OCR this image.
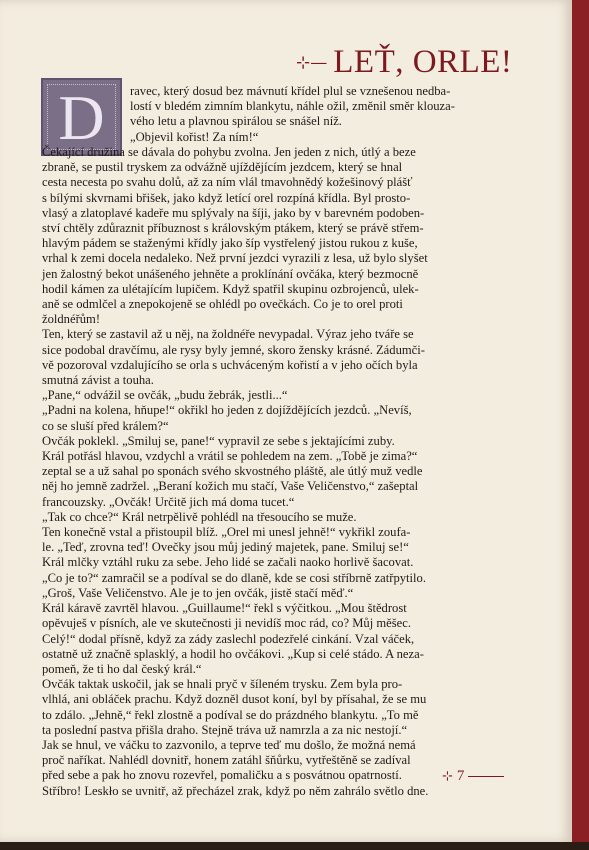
⊹— LEŤ, ORLE!
D	ravec, který dosud bez mávnutí křídel plul se vznešenou nedba-

lostí v bledém zimním blankytu, náhle ožil, změnil směr klouza-

vého letu a plavnou spirálou se snášel níž.

„Objevil kořist! Za ním!“

Čekající družina se dávala do pohybu zvolna. Jen jeden z nich, útlý a beze

zbraně, se pustil tryskem za odvážně ujíždějícím jezdcem, který se hnal

cesta necesta po svahu dolů, až za ním vlál tmavohnědý kožešinový plášť

s bílými skvrnami břišek, jako když letící orel rozpíná křídla. Byl prosto-

vlasý a zlatoplavé kadeře mu splývaly na šíji, jako by v barevném podoben-

ství chtěly zdůraznit příbuznost s královským ptákem, který se právě střem-

hlavým pádem se staženými křídly jako šíp vystřelený jistou rukou z kuše,

vrhal k zemi docela nedaleko. Než první jezdci vyrazili z lesa, už bylo slyšet

jen žalostný bekot unášeného jehněte a proklínání ovčáka, který bezmocně

hodil kámen za ulétajícím lupičem. Když spatřil skupinu ozbrojenců, ulek-

aně se odmlčel a znepokojeně se ohlédl po ovečkách. Co je to orel proti

žoldnéřům!

Ten, který se zastavil až u něj, na žoldnéře nevypadal. Výraz jeho tváře se

sice podobal dravčímu, ale rysy byly jemné, skoro žensky krásné. Zádumči-

vě pozoroval vzdalujícího se orla s uchváceným kořistí a v jeho očích byla

smutná závist a touha.

„Pane,“ odvážil se ovčák, „budu žebrák, jestli...“

„Padni na kolena, hňupe!“ okřikl ho jeden z dojíždějících jezdců. „Nevíš,

co se sluší před králem?“

Ovčák poklekl. „Smiluj se, pane!“ vypravil ze sebe s jektajícími zuby.

Král potřásl hlavou, vzdychl a vrátil se pohledem na zem. „Tobě je zima?“

zeptal se a už sahal po sponách svého skvostného pláště, ale útlý muž vedle

něj ho jemně zadržel. „Beraní kožich mu stačí, Vaše Veličenstvo,“ zašeptal

francouzsky. „Ovčák! Určitě jich má doma tucet.“

„Tak co chce?“ Král netrpělivě pohlédl na třesoucího se muže.

Ten konečně vstal a přistoupil blíž. „Orel mi unesl jehně!“ vykřikl zoufa-

le. „Teď, zrovna teď! Ovečky jsou můj jediný majetek, pane. Smiluj se!“

Král mlčky vztáhl ruku za sebe. Jeho lidé se začali naoko horlivě šacovat.

„Co je to?“ zamračil se a podíval se do dlaně, kde se cosi stříbrně zatřpytilo.

„Groš, Vaše Veličenstvo. Ale je to jen ovčák, jistě stačí měď.“

Král káravě zavrtěl hlavou. „Guillaume!“ řekl s výčitkou. „Mou štědrost

opěvuješ v písních, ale ve skutečnosti ji nevidíš moc rád, co? Můj měšec.

Celý!“ dodal přísně, když za zády zaslechl podezřelé cinkání. Vzal váček,

ostatně už značně splasklý, a hodil ho ovčákovi. „Kup si celé stádo. A neza-

pomeň, že ti ho dal český král.“

Ovčák taktak uskočil, jak se hnali pryč v šíleném trysku. Zem byla pro-

vlhlá, ani obláček prachu. Když dozněl dusot koní, byl by přísahal, že se mu

to zdálo. „Jehně,“ řekl zlostně a podíval se do prázdného blankytu. „To mě

ta poslední pastva přišla draho. Stejně tráva už namrzla a za nic nestojí.“

Jak se hnul, ve váčku to zazvonilo, a teprve teď mu došlo, že možná nemá

proč naříkat. Nahlédl dovnitř, honem zatáhl šňůrku, vytřeštěně se zadíval

před sebe a pak ho znovu rozevřel, pomaličku a s posvátnou opatrností.

Stříbro! Leskło se uvnitř, až přecházel zrak, když po něm zahrálo světlo dne.

⊹ 7
